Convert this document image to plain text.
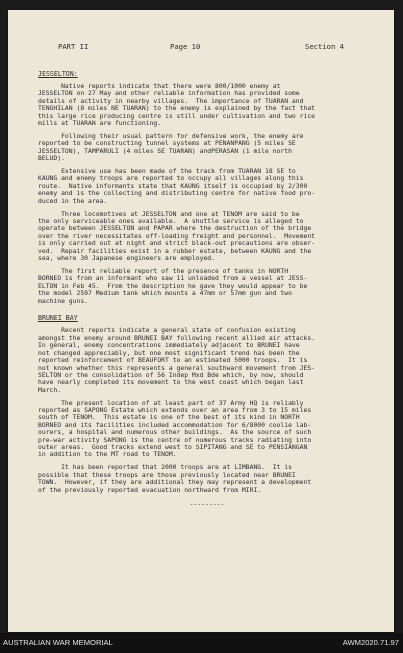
PART II	Page 10	Section 4
JESSELTON:
Native reports indicate that there were 800/1000 enemy at
JESSELTON on 27 May and other reliable information has provided some
details of activity in nearby villages.  The importance of TUARAN and
TENGHILAN (8 miles NE TUARAN) to the enemy is explained by the fact that
this large rice producing centre is still under cultivation and two rice
mills at TUARAN are functioning.
Following their usual pattern for defensive work, the enemy are
reported to be constructing tunnel systems at PENANPANG (5 miles SE
JESSELTON), TAMPARULI (4 miles SE TUARAN) andPERASAN (1 mile north
BELUD).
Extensive use has been made of the track from TUARAN 18 SE to
KAUNG and enemy troops are reported to occupy all villages along this
route.  Native informants state that KAUNG itself is occupied by 2/300
enemy and is the collecting and distributing centre for native food pro-
duced in the area.
Three locomotives at JESSELTON and one at TENOM are said to be
the only serviceable ones available.  A shuttle service is alleged to
operate between JESSELTON and PAPAR where the destruction of the bridge
over the river necessitates off-loading freight and personnel.  Movement
is only carried out at night and strict black-out precautions are obser-
ved.  Repair facilities exist in a rubber estate, between KAUNG and the
sea, where 30 Japanese engineers are employed.
The first reliable report of the presence of tanks in NORTH
BORNEO is from an informant who saw 11 unloaded from a vessel at JESS-
ELTON in Feb 45.  From the description he gave they would appear to be
the model 2597 Medium tank which mounts a 47mm or 57mm gun and two
machine guns.
BRUNEI BAY
Recent reports indicate a general state of confusion existing
amongst the enemy around BRUNEI BAY following recent allied air attacks.
In general, enemy concentrations immediately adjacent to BRUNEI have
not changed appreciably, but one most significant trend has been the
reported reinforcement of BEAUFORT to an estimated 5000 troops.  It is
not known whether this represents a general southward movement from JES-
SELTON or the consolidation of 56 Indep Mxd Bde which, by now, should
have nearly completed its movement to the west coast which began last
March.
The present location of at least part of 37 Army HQ is reliably
reported as SAPONG Estate which extends over an area from 3 to 15 miles
south of TENOM.  This estate is one of the best of its kind in NORTH
BORNEO and its facilities included accommodation for 6/8000 coolie lab-
ourers, a hospital and numerous other buildings.  As the source of such
pre-war activity SAPONG is the centre of numerous tracks radiating into
outer areas.  Good tracks extend west to SIPITANG and SE to PENSIANGAN
in addition to the MT road to TENOM.
It has been reported that 2000 troops are at LIMBANG.  It is
possible that these troops are those previously located near BRUNEI
TOWN.  However, if they are additional they may represent a development
of the previously reported evacuation northward from MIRI.
---------
AUSTRALIAN WAR MEMORIAL	AWM2020.71.97
